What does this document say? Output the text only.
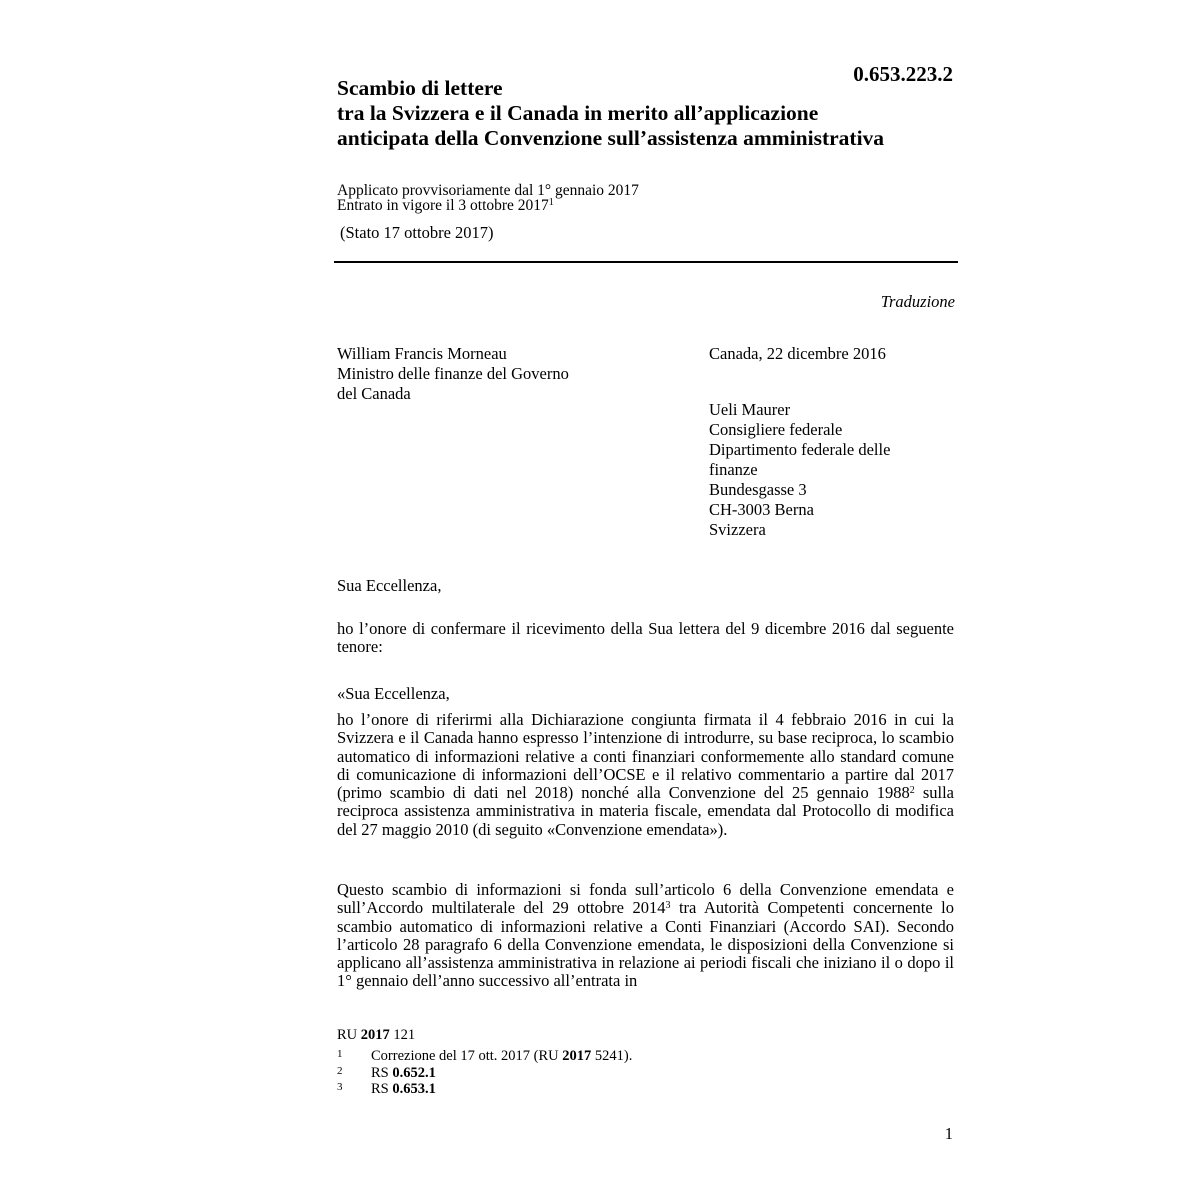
0.653.223.2
Scambio di lettere
tra la Svizzera e il Canada in merito all’applicazione
anticipata della Convenzione sull’assistenza amministrativa
Applicato provvisoriamente dal 1° gennaio 2017
Entrato in vigore il 3 ottobre 2017$^1$
(Stato 17 ottobre 2017)
Traduzione
William Francis Morneau
Ministro delle finanze del Governo
del Canada
Canada, 22 dicembre 2016
Ueli Maurer
Consigliere federale
Dipartimento federale delle
finanze
Bundesgasse 3
CH-3003 Berna
Svizzera
Sua Eccellenza,
ho l’onore di confermare il ricevimento della Sua lettera del 9 dicembre 2016 dal seguente tenore:
«Sua Eccellenza,
ho l’onore di riferirmi alla Dichiarazione congiunta firmata il 4 febbraio 2016 in cui la Svizzera e il Canada hanno espresso l’intenzione di introdurre, su base reciproca, lo scambio automatico di informazioni relative a conti finanziari conformemente allo standard comune di comunicazione di informazioni dell’OCSE e il relativo commentario a partire dal 2017 (primo scambio di dati nel 2018) nonché alla Convenzione del 25 gennaio 1988$^2$ sulla reciproca assistenza amministrativa in materia fiscale, emendata dal Protocollo di modifica del 27 maggio 2010 (di seguito «Convenzione emendata»).
Questo scambio di informazioni si fonda sull’articolo 6 della Convenzione emendata e sull’Accordo multilaterale del 29 ottobre 2014$^3$ tra Autorità Competenti concernente lo scambio automatico di informazioni relative a Conti Finanziari (Accordo SAI). Secondo l’articolo 28 paragrafo 6 della Convenzione emendata, le disposizioni della Convenzione si applicano all’assistenza amministrativa in relazione ai periodi fiscali che iniziano il o dopo il 1° gennaio dell’anno successivo all’entrata in
RU 2017 121
1 Correzione del 17 ott. 2017 (RU 2017 5241).
2 RS 0.652.1
3 RS 0.653.1
1
